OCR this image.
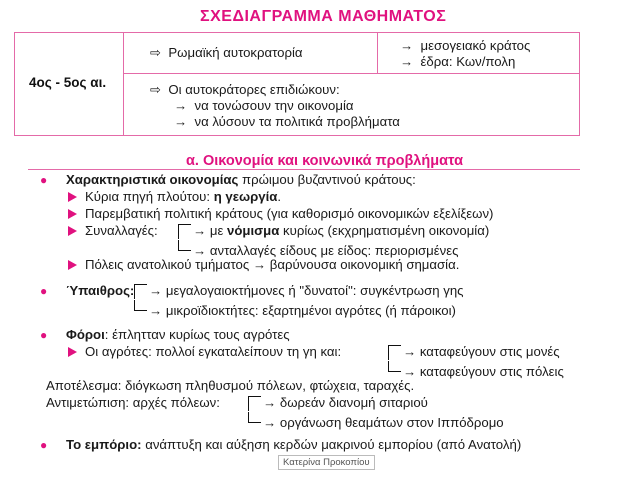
ΣΧΕΔΙΑΓΡΑΜΜΑ ΜΑΘΗΜΑΤΟΣ
4ος - 5ος αι.
⇨ Ρωμαϊκή αυτοκρατορία	→ μεσογειακό κράτος
→ έδρα: Κων/πολη
⇨ Οι αυτοκράτορες επιδιώκουν:
→ να τονώσουν την οικονομία
→ να λύσουν τα πολιτικά προβλήματα
α. Οικονομία και κοινωνικά προβλήματα
● Χαρακτηριστικά οικονομίας πρώιμου βυζαντινού κράτους:
Κύρια πηγή πλούτου: η γεωργία.
Παρεμβατική πολιτική κράτους (για καθορισμό οικονομικών εξελίξεων)
Συναλλαγές:	→ με νόμισμα κυρίως (εκχρηματισμένη οικονομία)
→ ανταλλαγές είδους με είδος: περιορισμένες
Πόλεις ανατολικού τμήματος → βαρύνουσα οικονομική σημασία.
● Ύπαιθρος:	→ μεγαλογαιοκτήμονες ή "δυνατοί": συγκέντρωση γης
→ μικροϊδιοκτήτες: εξαρτημένοι αγρότες (ή πάροικοι)
● Φόροι: έπλητταν κυρίως τους αγρότες
Οι αγρότες: πολλοί εγκαταλείπουν τη γη και:	→ καταφεύγουν στις μονές
→ καταφεύγουν στις πόλεις
Αποτέλεσμα: διόγκωση πληθυσμού πόλεων, φτώχεια, ταραχές.
Αντιμετώπιση: αρχές πόλεων:	→ δωρεάν διανομή σιταριού
→ οργάνωση θεαμάτων στον Ιππόδρομο
● Το εμπόριο: ανάπτυξη και αύξηση κερδών μακρινού εμπορίου (από Ανατολή)
Κατερίνα Προκοπίου
